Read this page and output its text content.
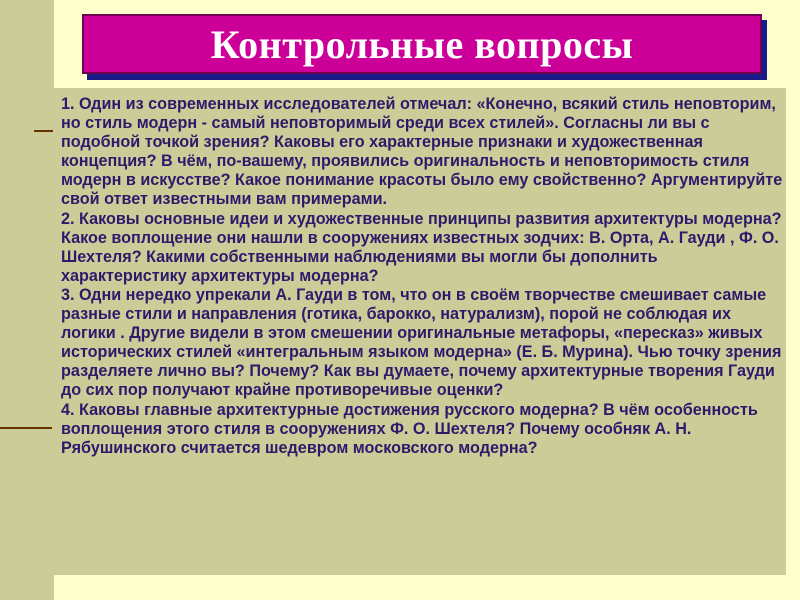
Контрольные вопросы

1. Один из современных исследователей отмечал: «Конечно, всякий стиль неповторим, но стиль модерн - самый неповторимый среди всех стилей». Согласны ли вы с подобной точкой зрения? Каковы его характерные признаки и художественная концепция? В чём, по-вашему, проявились оригинальность и неповторимость стиля модерн в искусстве? Какое понимание красоты было ему свойственно? Аргументируйте свой ответ известными вам примерами.

2. Каковы основные идеи и художественные принципы развития архитектуры модерна? Какое воплощение они нашли в сооружениях известных зодчих: В. Орта, А. Гауди , Ф. О. Шехтеля? Какими собственными наблюдениями вы могли бы дополнить характеристику архитектуры модерна?

3. Одни нередко упрекали А. Гауди в том, что он в своём творчестве смешивает самые разные стили и направления (готика, барокко, натурализм), порой не соблюдая их логики . Другие видели в этом смешении оригинальные метафоры, «пересказ» живых исторических стилей «интегральным языком модерна» (Е. Б. Мурина). Чью точку зрения разделяете лично вы? Почему? Как вы думаете, почему архитектурные творения Гауди до сих пор получают крайне противоречивые оценки?

4. Каковы главные архитектурные достижения русского модерна? В чём особенность воплощения этого стиля в сооружениях Ф. О. Шехтеля? Почему особняк А. Н. Рябушинского считается шедевром московского модерна?
